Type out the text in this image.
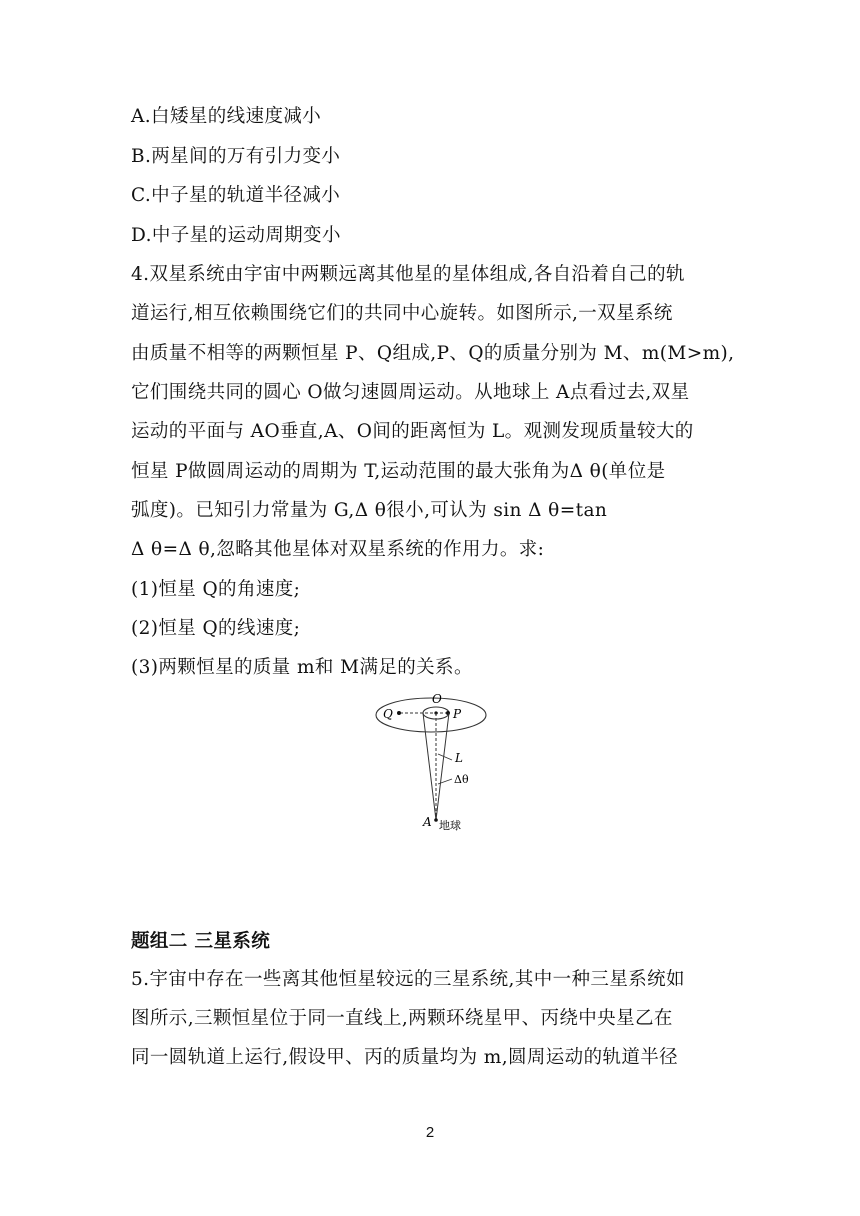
A.白矮星的线速度减小
B.两星间的万有引力变小
C.中子星的轨道半径减小
D.中子星的运动周期变小
4.双星系统由宇宙中两颗远离其他星的星体组成,各自沿着自己的轨
道运行,相互依赖围绕它们的共同中心旋转。如图所示,一双星系统
由质量不相等的两颗恒星 P、Q组成,P、Q的质量分别为 M、m(M>m),
它们围绕共同的圆心 O做匀速圆周运动。从地球上 A点看过去,双星
运动的平面与 AO垂直,A、O间的距离恒为 L。观测发现质量较大的
恒星 P做圆周运动的周期为 T,运动范围的最大张角为Δ θ(单位是
弧度)。已知引力常量为 G,Δ θ很小,可认为 sin Δ θ=tan
Δ θ=Δ θ,忽略其他星体对双星系统的作用力。求:
(1)恒星 Q的角速度;
(2)恒星 Q的线速度;
(3)两颗恒星的质量 m和 M满足的关系。
O
Q	P
L
Δθ
A 地球
题组二 三星系统
5.宇宙中存在一些离其他恒星较远的三星系统,其中一种三星系统如
图所示,三颗恒星位于同一直线上,两颗环绕星甲、丙绕中央星乙在
同一圆轨道上运行,假设甲、丙的质量均为 m,圆周运动的轨道半径
2
